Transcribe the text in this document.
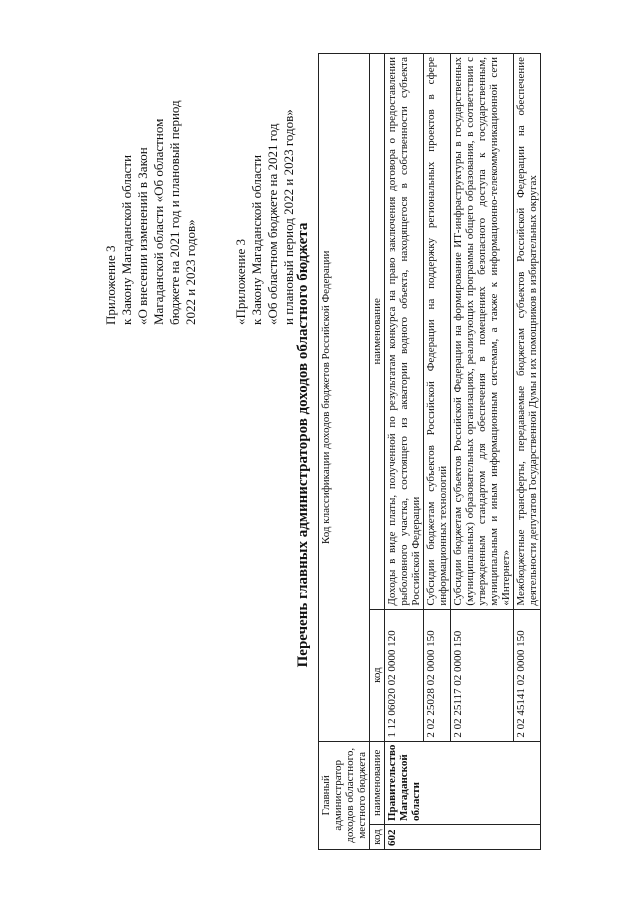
Приложение 3 к Закону Магаданской области «О внесении изменений в Закон Магаданской области «Об областном бюджете на 2021 год и плановый период 2022 и 2023 годов»	«Приложение 3 к Закону Магаданской области «Об областном бюджете на 2021 год и плановый период 2022 и 2023 годов»
Перечень главных администраторов доходов областного бюджета
Главный администратор доходов областного, местного бюджета		Код классификации доходов бюджетов Российской Федерации	
код	наименование	код	наименование
602	Правительство Магаданской области	1 12 06020 02 0000 120	Доходы в виде платы, полученной по результатам конкурса на право заключения договора о предоставлении рыболовного участка, состоящего из акватории водного объекта, находящегося в собственности субъекта Российской Федерации
		2 02 25028 02 0000 150	Субсидии бюджетам субъектов Российской Федерации на поддержку региональных проектов в сфере информационных технологий
		2 02 25117 02 0000 150	Субсидии бюджетам субъектов Российской Федерации на формирование ИТ-инфраструктуры в государственных (муниципальных) образовательных организациях, реализующих программы общего образования, в соответствии с утвержденным стандартом для обеспечения в помещениях безопасного доступа к государственным, муниципальным и иным информационным системам, а также к информационно-телекоммуникационной сети «Интернет»
		2 02 45141 02 0000 150	Межбюджетные трансферты, передаваемые бюджетам субъектов Российской Федерации на обеспечение деятельности депутатов Государственной Думы и их помощников в избирательных округах
